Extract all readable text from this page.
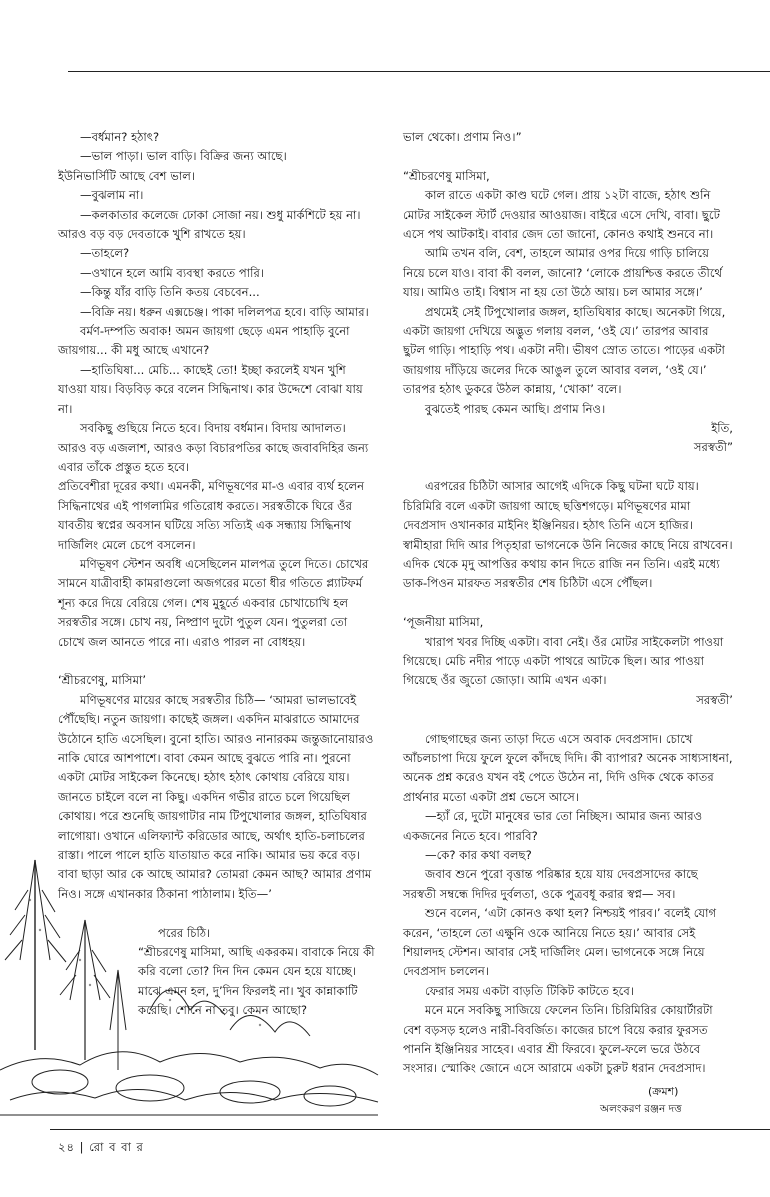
—বর্ধমান? হঠাৎ?

—ভাল পাড়া। ভাল বাড়ি। বিক্রির জন্য আছে।

ইউনিভার্সিটি আছে বেশ ভাল।

—বুঝলাম না।

—কলকাতার কলেজে ঢোকা সোজা নয়। শুধু মার্কশিটে হয় না। আরও বড় বড় দেবতাকে খুশি রাখতে হয়।

—তাহলে?

—ওখানে হলে আমি ব্যবস্থা করতে পারি।

—কিন্তু যাঁর বাড়ি তিনি কতয় বেচবেন...

—বিক্রি নয়। ধরুন এক্সচেঞ্জ। পাকা দলিলপত্র হবে। বাড়ি আমার।

বর্মণ-দম্পতি অবাক! অমন জায়গা ছেড়ে এমন পাহাড়ি বুনো জায়গায়... কী মধু আছে এখানে?

—হাতিঘিষা... মেচি... কাছেই তো! ইচ্ছা করলেই যখন খুশি যাওয়া যায়। বিড়বিড় করে বলেন সিদ্ধিনাথ। কার উদ্দেশে বোঝা যায় না।

সবকিছু গুছিয়ে নিতে হবে। বিদায় বর্ধমান। বিদায় আদালত। আরও বড় এজলাশ, আরও কড়া বিচারপতির কাছে জবাবদিহির জন্য এবার তাঁকে প্রস্তুত হতে হবে।

প্রতিবেশীরা দূরের কথা। এমনকী, মণিভূষণের মা-ও এবার ব্যর্থ হলেন সিদ্ধিনাথের এই পাগলামির গতিরোধ করতে। সরস্বতীকে ঘিরে ওঁর যাবতীয় স্বপ্নের অবসান ঘটিয়ে সত্যি সত্যিই এক সন্ধ্যায় সিদ্ধিনাথ দার্জিলিং মেলে চেপে বসলেন।

মণিভূষণ স্টেশন অবধি এসেছিলেন মালপত্র তুলে দিতে। চোখের সামনে যাত্রীবাহী কামরাগুলো অজগরের মতো ধীর গতিতে প্ল্যাটফর্ম শূন্য করে দিয়ে বেরিয়ে গেল। শেষ মুহূর্তে একবার চোখাচোখি হল সরস্বতীর সঙ্গে। চোখ নয়, নিষ্প্রাণ দুটো পুতুল যেন। পুতুলরা তো চোখে জল আনতে পারে না। এরাও পারল না বোধহয়।

‘শ্রীচরণেষু, মাসিমা’

মণিভূষণের মায়ের কাছে সরস্বতীর চিঠি— ‘আমরা ভালভাবেই পৌঁছেছি। নতুন জায়গা। কাছেই জঙ্গল। একদিন মাঝরাতে আমাদের উঠোনে হাতি এসেছিল। বুনো হাতি। আরও নানারকম জন্তুজানোয়ারও নাকি ঘোরে আশপাশে। বাবা কেমন আছে বুঝতে পারি না। পুরনো একটা মোটর সাইকেল কিনেছে। হঠাৎ হঠাৎ কোথায় বেরিয়ে যায়। জানতে চাইলে বলে না কিছু। একদিন গভীর রাতে চলে গিয়েছিল কোথায়। পরে শুনেছি জায়গাটার নাম টিপুখোলার জঙ্গল, হাতিঘিষার লাগোয়া। ওখানে এলিফ্যান্ট করিডোর আছে, অর্থাৎ হাতি-চলাচলের রাস্তা। পালে পালে হাতি যাতায়াত করে নাকি। আমার ভয় করে বড়। বাবা ছাড়া আর কে আছে আমার? তোমরা কেমন আছ? আমার প্রণাম নিও। সঙ্গে এখানকার ঠিকানা পাঠালাম। ইতি—’

পরের চিঠি।

“শ্রীচরণেষু মাসিমা, আছি একরকম। বাবাকে নিয়ে কী করি বলো তো? দিন দিন কেমন যেন হয়ে যাচ্ছে। মাঝে এমন হল, দু’দিন ফিরলই না। খুব কান্নাকাটি করেছি। শোনে না তবু। কেমন আছো?

ভাল থেকো। প্রণাম নিও।”

“শ্রীচরণেষু মাসিমা,

কাল রাতে একটা কাণ্ড ঘটে গেল। প্রায় ১২টা বাজে, হঠাৎ শুনি মোটর সাইকেল স্টার্ট দেওয়ার আওয়াজ। বাইরে এসে দেখি, বাবা। ছুটে এসে পথ আটকাই। বাবার জেদ তো জানো, কোনও কথাই শুনবে না।

আমি তখন বলি, বেশ, তাহলে আমার ওপর দিয়ে গাড়ি চালিয়ে নিয়ে চলে যাও। বাবা কী বলল, জানো? ‘লোকে প্রায়শ্চিত্ত করতে তীর্থে যায়। আমিও তাই। বিশ্বাস না হয় তো উঠে আয়। চল আমার সঙ্গে।’

প্রথমেই সেই টিপুখোলার জঙ্গল, হাতিঘিষার কাছে। অনেকটা গিয়ে, একটা জায়গা দেখিয়ে অদ্ভুত গলায় বলল, ‘ওই যে।’ তারপর আবার ছুটল গাড়ি। পাহাড়ি পথ। একটা নদী। ভীষণ স্রোত তাতে। পাড়ের একটা জায়গায় দাঁড়িয়ে জলের দিকে আঙুল তুলে আবার বলল, ‘ওই যে।’ তারপর হঠাৎ ডুকরে উঠল কান্নায়, ‘খোকা’ বলে।

বুঝতেই পারছ কেমন আছি। প্রণাম নিও।

ইতি,

সরস্বতী”

এরপরের চিঠিটা আসার আগেই এদিকে কিছু ঘটনা ঘটে যায়। চিরিমিরি বলে একটা জায়গা আছে ছত্তিশগড়ে। মণিভূষণের মামা দেবপ্রসাদ ওখানকার মাইনিং ইঞ্জিনিয়র। হঠাৎ তিনি এসে হাজির। স্বামীহারা দিদি আর পিতৃহারা ভাগনেকে উনি নিজের কাছে নিয়ে রাখবেন। এদিক থেকে মৃদু আপত্তির কথায় কান দিতে রাজি নন তিনি। এরই মধ্যে ডাক-পিওন মারফত সরস্বতীর শেষ চিঠিটা এসে পৌঁছল।

‘পূজনীয়া মাসিমা,

খারাপ খবর দিচ্ছি একটা। বাবা নেই। ওঁর মোটর সাইকেলটা পাওয়া গিয়েছে। মেচি নদীর পাড়ে একটা পাথরে আটকে ছিল। আর পাওয়া গিয়েছে ওঁর জুতো জোড়া। আমি এখন একা।

সরস্বতী’

গোছগাছের জন্য তাড়া দিতে এসে অবাক দেবপ্রসাদ। চোখে আঁচলচাপা দিয়ে ফুলে ফুলে কাঁদছে দিদি। কী ব্যাপার? অনেক সাধ্যসাধনা, অনেক প্রশ্ন করেও যখন বই পেতে উঠেন না, দিদি ওদিক থেকে কাতর প্রার্থনার মতো একটা প্রশ্ন ভেসে আসে।

—হ্যাঁ রে, দুটো মানুষের ভার তো নিচ্ছিস। আমার জন্য আরও একজনের নিতে হবে। পারবি?

—কে? কার কথা বলছ?

জবাব শুনে পুরো বৃত্তান্ত পরিষ্কার হয়ে যায় দেবপ্রসাদের কাছে সরস্বতী সম্বন্ধে দিদির দুর্বলতা, ওকে পুত্রবধূ করার স্বপ্ন— সব।

শুনে বলেন, ‘এটা কোনও কথা হল? নিশ্চয়ই পারব।’ বলেই যোগ করেন, ‘তাহলে তো এক্ষুনি ওকে আনিয়ে নিতে হয়।’ আবার সেই শিয়ালদহ স্টেশন। আবার সেই দার্জিলিং মেল। ভাগনেকে সঙ্গে নিয়ে দেবপ্রসাদ চললেন।

ফেরার সময় একটা বাড়তি টিকিট কাটতে হবে।

মনে মনে সবকিছু সাজিয়ে ফেলেন তিনি। চিরিমিরির কোয়ার্টারটা বেশ বড়সড় হলেও নারী-বিবর্জিত। কাজের চাপে বিয়ে করার ফুরসত পাননি ইঞ্জিনিয়র সাহেব। এবার শ্রী ফিরবে। ফুলে-ফলে ভরে উঠবে সংসার। স্মোকিং জোনে এসে আরামে একটা চুরুট ধরান দেবপ্রসাদ।

(ক্রমশ)
অলংকরণ রঞ্জন দত্ত
২৪ | রো ব বা র
